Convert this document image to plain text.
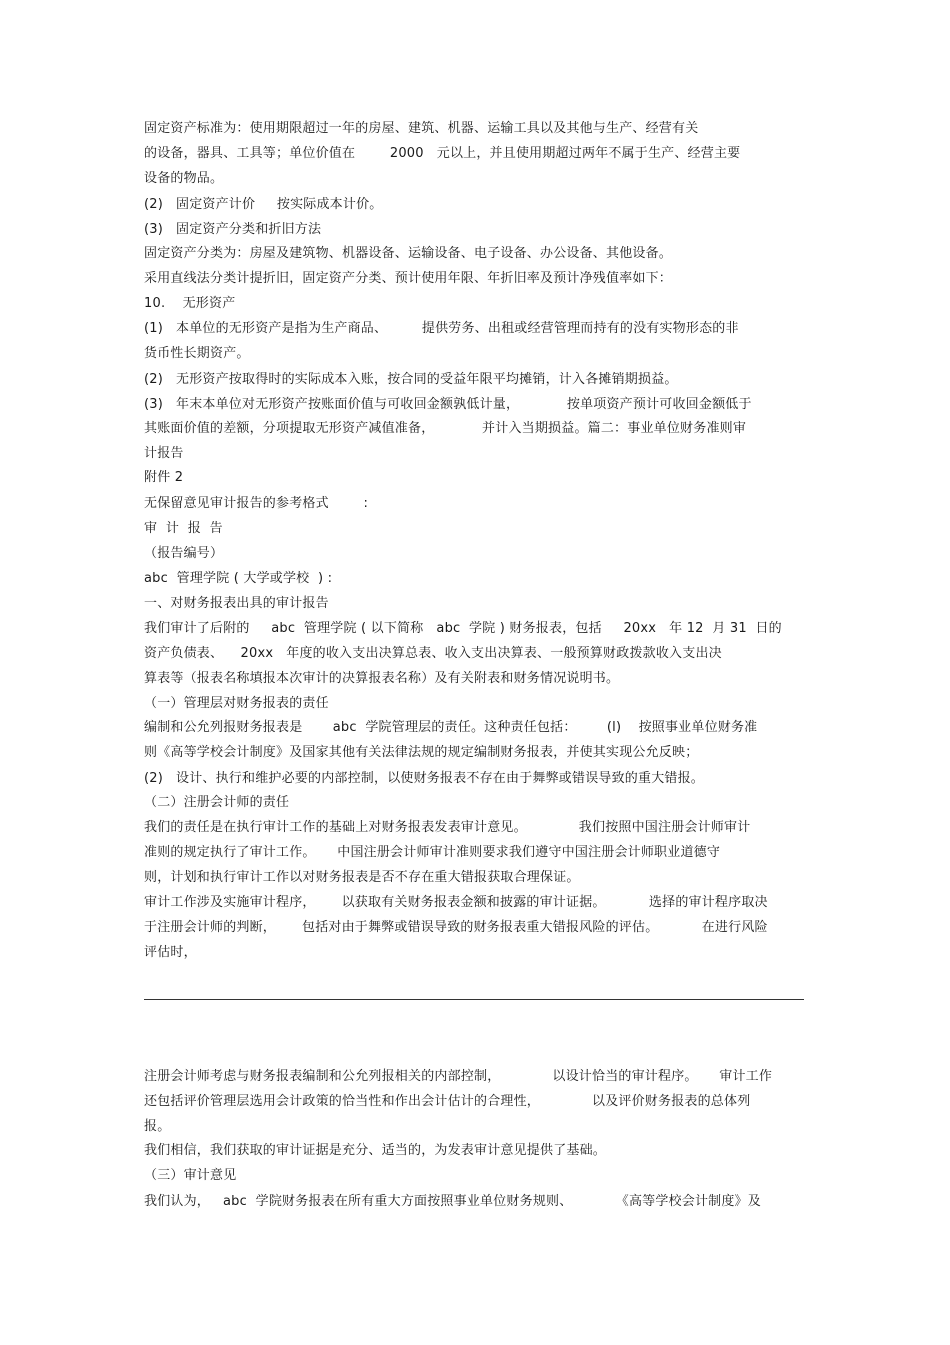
固定资产标准为：使用期限超过一年的房屋、建筑、机器、运输工具以及其他与生产、经营有关
的设备，器具、工具等；单位价值在        2000   元以上，并且使用期超过两年不属于生产、经营主要
设备的物品。
(2)   固定资产计价     按实际成本计价。
(3)   固定资产分类和折旧方法
固定资产分类为：房屋及建筑物、机器设备、运输设备、电子设备、办公设备、其他设备。
采用直线法分类计提折旧，固定资产分类、预计使用年限、年折旧率及预计净残值率如下：
10.    无形资产
(1)   本单位的无形资产是指为生产商品、        提供劳务、出租或经营管理而持有的没有实物形态的非
货币性长期资产。
(2)   无形资产按取得时的实际成本入账，按合同的受益年限平均摊销，计入各摊销期损益。
(3)   年末本单位对无形资产按账面价值与可收回金额孰低计量，           按单项资产预计可收回金额低于
其账面价值的差额，分项提取无形资产减值准备，           并计入当期损益。篇二：事业单位财务准则审
计报告
附件 2
无保留意见审计报告的参考格式        :
审  计  报  告
（报告编号）
abc  管理学院 ( 大学或学校  ) :
一、对财务报表出具的审计报告
我们审计了后附的     abc  管理学院 ( 以下简称   abc  学院 ) 财务报表，包括     20xx   年 12  月 31  日的
资产负债表、    20xx   年度的收入支出决算总表、收入支出决算表、一般预算财政拨款收入支出决
算表等（报表名称填报本次审计的决算报表名称）及有关附表和财务情况说明书。
（一）管理层对财务报表的责任
编制和公允列报财务报表是       abc  学院管理层的责任。这种责任包括：       (l)    按照事业单位财务准
则《高等学校会计制度》及国家其他有关法律法规的规定编制财务报表，并使其实现公允反映；
(2)   设计、执行和维护必要的内部控制，以使财务报表不存在由于舞弊或错误导致的重大错报。
（二）注册会计师的责任
我们的责任是在执行审计工作的基础上对财务报表发表审计意见。            我们按照中国注册会计师审计
准则的规定执行了审计工作。     中国注册会计师审计准则要求我们遵守中国注册会计师职业道德守
则，计划和执行审计工作以对财务报表是否不存在重大错报获取合理保证。
审计工作涉及实施审计程序，      以获取有关财务报表金额和披露的审计证据。          选择的审计程序取决
于注册会计师的判断，      包括对由于舞弊或错误导致的财务报表重大错报风险的评估。          在进行风险
评估时，
注册会计师考虑与财务报表编制和公允列报相关的内部控制，            以设计恰当的审计程序。     审计工作
还包括评价管理层选用会计政策的恰当性和作出会计估计的合理性，            以及评价财务报表的总体列
报。
我们相信，我们获取的审计证据是充分、适当的，为发表审计意见提供了基础。
（三）审计意见
我们认为，   abc  学院财务报表在所有重大方面按照事业单位财务规则、          《高等学校会计制度》及
